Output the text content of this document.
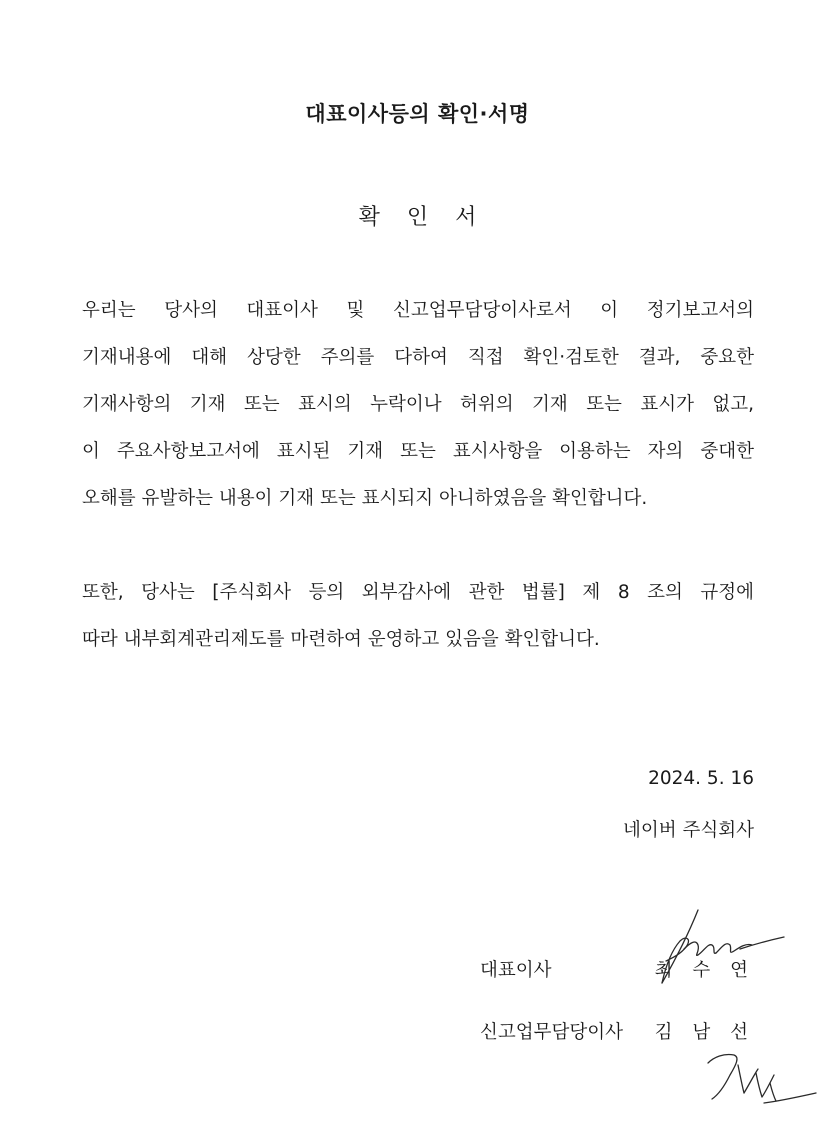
대표이사등의 확인·서명
확 인 서
우리는 당사의 대표이사 및 신고업무담당이사로서 이 정기보고서의
기재내용에 대해 상당한 주의를 다하여 직접 확인·검토한 결과, 중요한
기재사항의 기재 또는 표시의 누락이나 허위의 기재 또는 표시가 없고,
이 주요사항보고서에 표시된 기재 또는 표시사항을 이용하는 자의 중대한
오해를 유발하는 내용이 기재 또는 표시되지 아니하였음을 확인합니다.
또한, 당사는 [주식회사 등의 외부감사에 관한 법률] 제 8 조의 규정에
따라 내부회계관리제도를 마련하여 운영하고 있음을 확인합니다.
2024. 5. 16
네이버 주식회사
대표이사	최 수 연
신고업무담당이사 김 남 선
